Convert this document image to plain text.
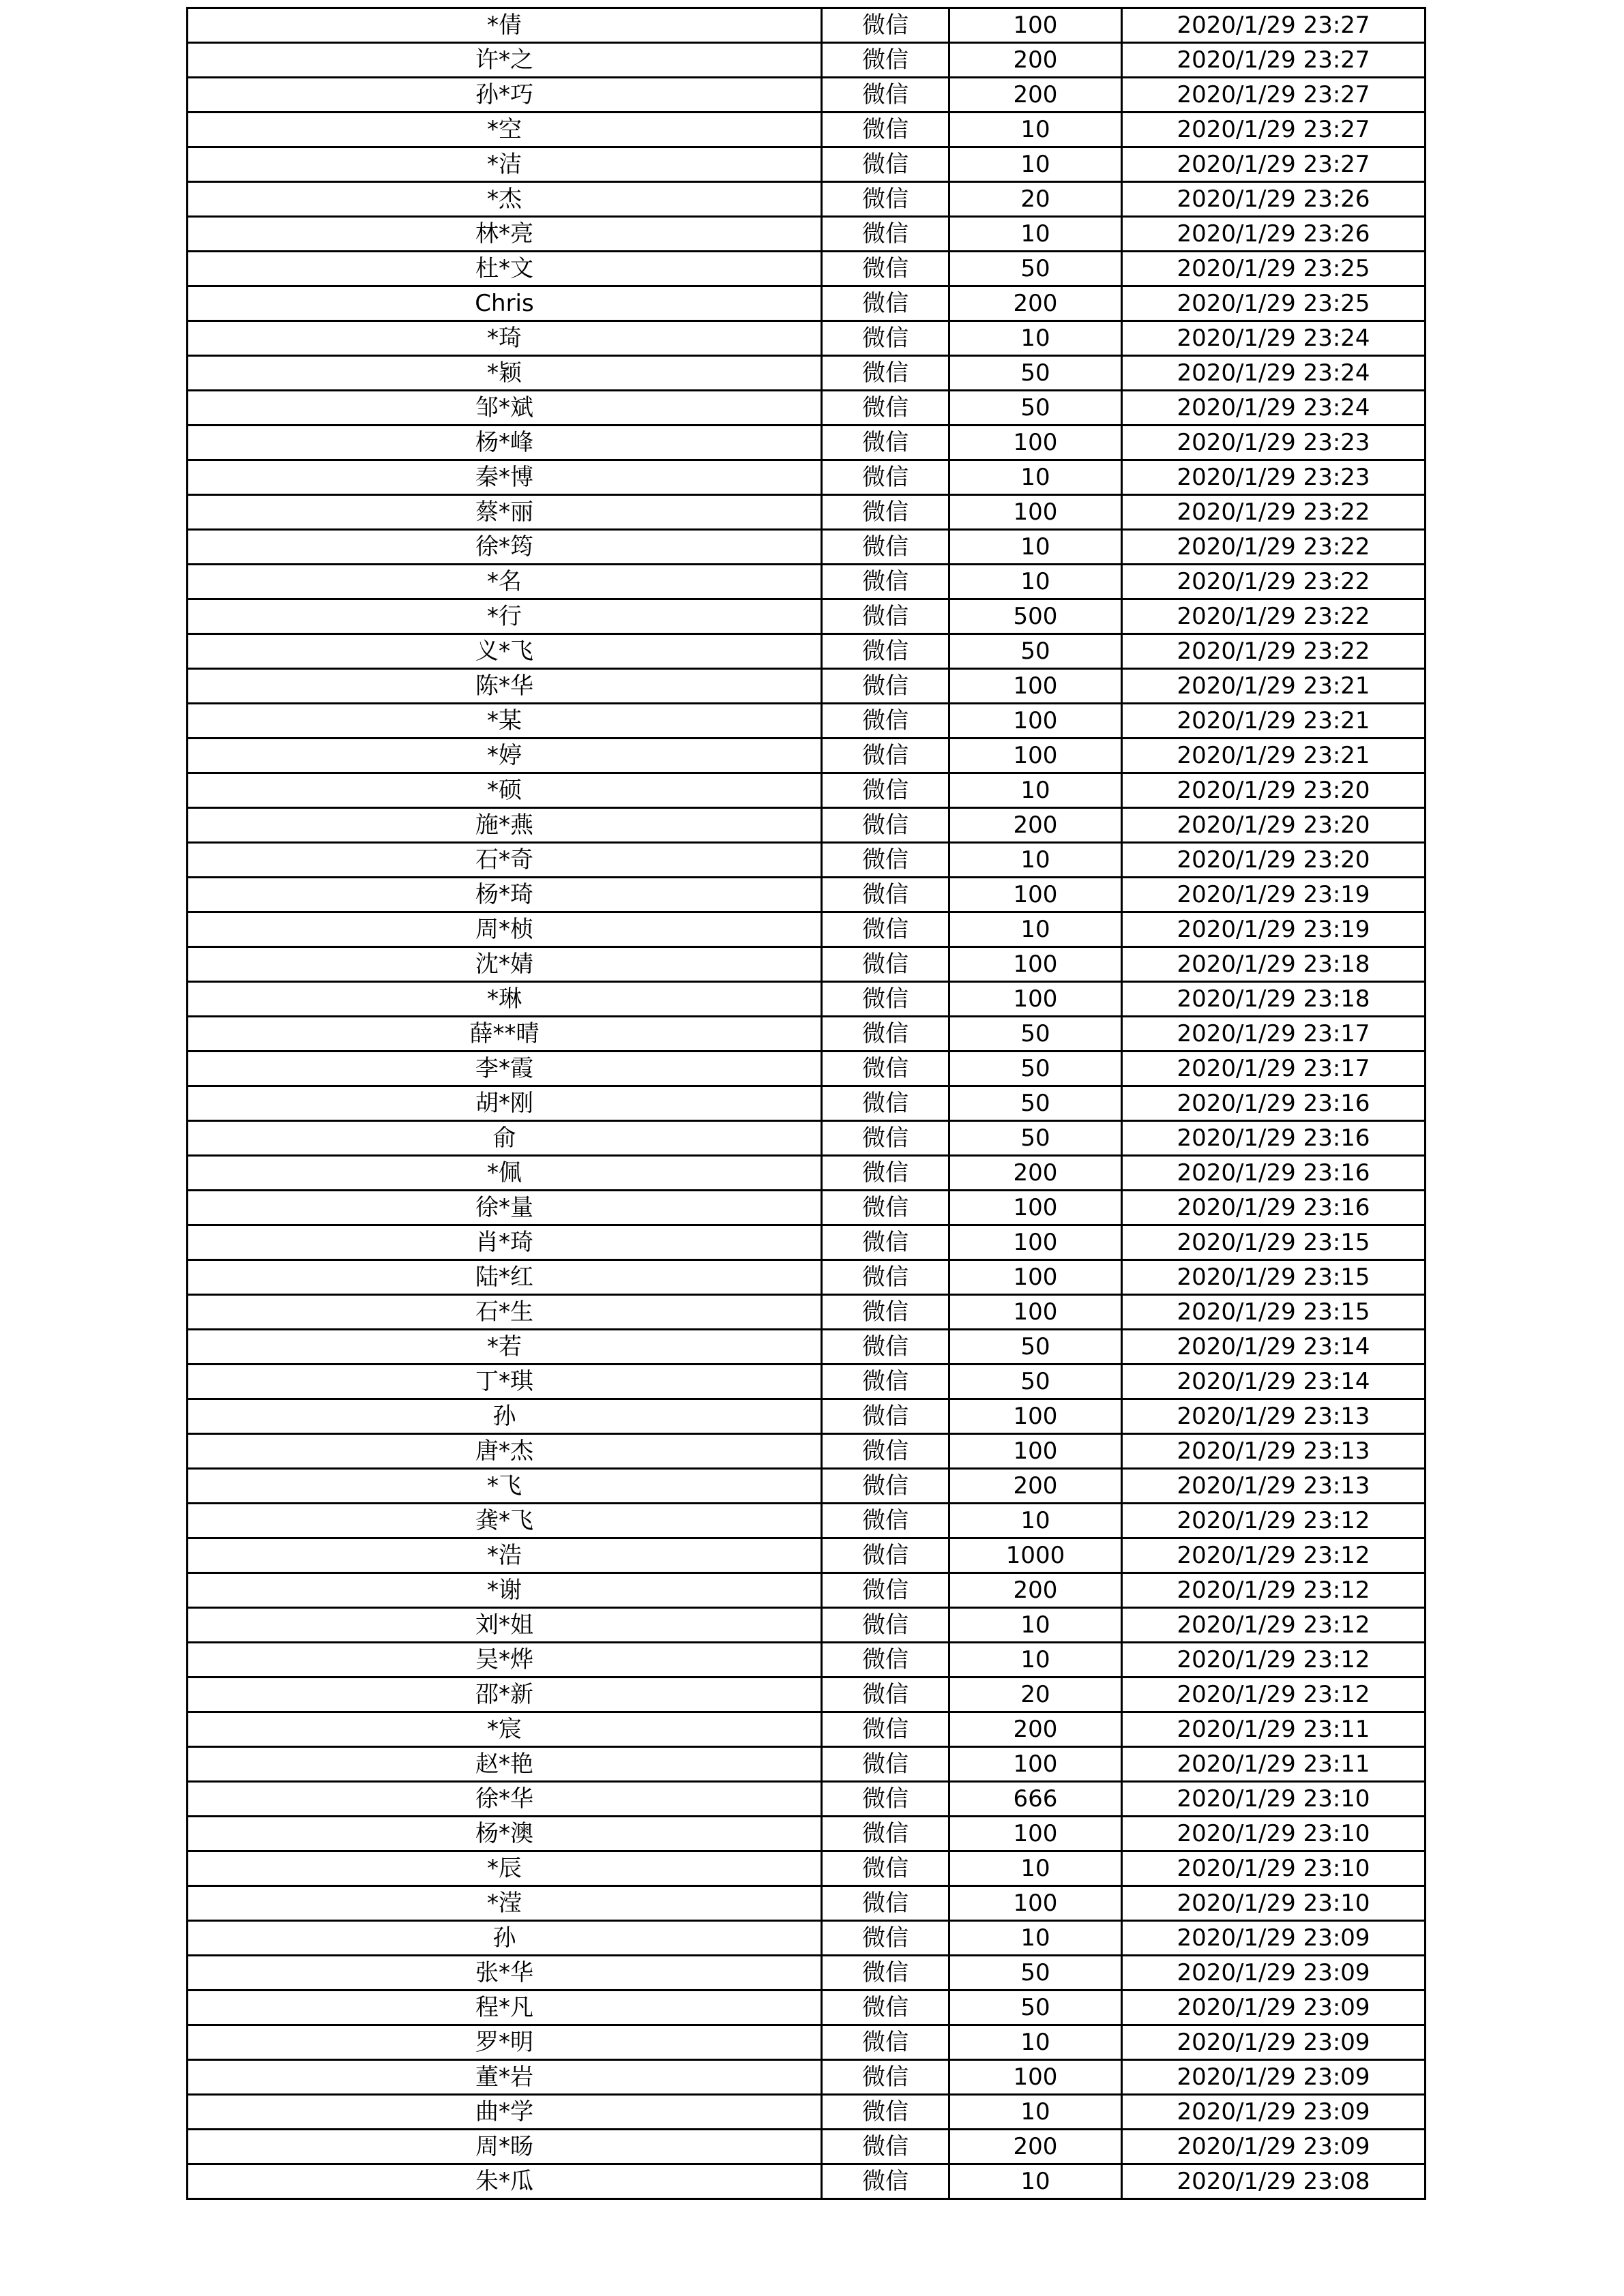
*倩	微信	100	2020/1/29 23:27
许*之	微信	200	2020/1/29 23:27
孙*巧	微信	200	2020/1/29 23:27
*空	微信	10	2020/1/29 23:27
*洁	微信	10	2020/1/29 23:27
*杰	微信	20	2020/1/29 23:26
林*亮	微信	10	2020/1/29 23:26
杜*文	微信	50	2020/1/29 23:25
Chris	微信	200	2020/1/29 23:25
*琦	微信	10	2020/1/29 23:24
*颖	微信	50	2020/1/29 23:24
邹*斌	微信	50	2020/1/29 23:24
杨*峰	微信	100	2020/1/29 23:23
秦*博	微信	10	2020/1/29 23:23
蔡*丽	微信	100	2020/1/29 23:22
徐*筠	微信	10	2020/1/29 23:22
*名	微信	10	2020/1/29 23:22
*行	微信	500	2020/1/29 23:22
义*飞	微信	50	2020/1/29 23:22
陈*华	微信	100	2020/1/29 23:21
*某	微信	100	2020/1/29 23:21
*婷	微信	100	2020/1/29 23:21
*硕	微信	10	2020/1/29 23:20
施*燕	微信	200	2020/1/29 23:20
石*奇	微信	10	2020/1/29 23:20
杨*琦	微信	100	2020/1/29 23:19
周*桢	微信	10	2020/1/29 23:19
沈*婧	微信	100	2020/1/29 23:18
*琳	微信	100	2020/1/29 23:18
薛**晴	微信	50	2020/1/29 23:17
李*霞	微信	50	2020/1/29 23:17
胡*刚	微信	50	2020/1/29 23:16
俞	微信	50	2020/1/29 23:16
*佩	微信	200	2020/1/29 23:16
徐*量	微信	100	2020/1/29 23:16
肖*琦	微信	100	2020/1/29 23:15
陆*红	微信	100	2020/1/29 23:15
石*生	微信	100	2020/1/29 23:15
*若	微信	50	2020/1/29 23:14
丁*琪	微信	50	2020/1/29 23:14
孙	微信	100	2020/1/29 23:13
唐*杰	微信	100	2020/1/29 23:13
*飞	微信	200	2020/1/29 23:13
龚*飞	微信	10	2020/1/29 23:12
*浩	微信	1000	2020/1/29 23:12
*谢	微信	200	2020/1/29 23:12
刘*姐	微信	10	2020/1/29 23:12
吴*烨	微信	10	2020/1/29 23:12
邵*新	微信	20	2020/1/29 23:12
*宸	微信	200	2020/1/29 23:11
赵*艳	微信	100	2020/1/29 23:11
徐*华	微信	666	2020/1/29 23:10
杨*澳	微信	100	2020/1/29 23:10
*辰	微信	10	2020/1/29 23:10
*滢	微信	100	2020/1/29 23:10
孙	微信	10	2020/1/29 23:09
张*华	微信	50	2020/1/29 23:09
程*凡	微信	50	2020/1/29 23:09
罗*明	微信	10	2020/1/29 23:09
董*岩	微信	100	2020/1/29 23:09
曲*学	微信	10	2020/1/29 23:09
周*旸	微信	200	2020/1/29 23:09
朱*瓜	微信	10	2020/1/29 23:08
